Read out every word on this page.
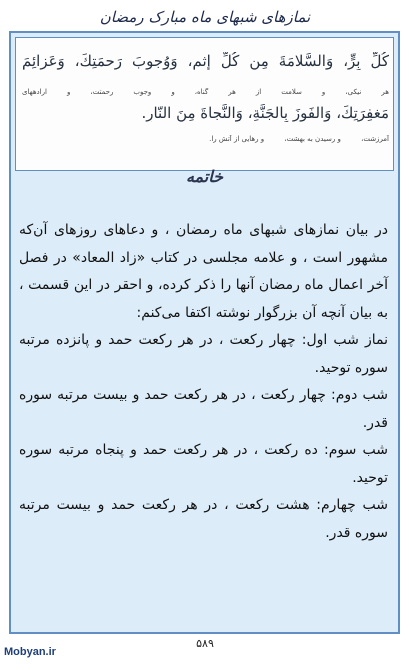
نمازهای شبهای ماه مبارک رمضان
كُلِّ بِرٍّ، وَالسَّلامَةَ مِن كُلِّ إِثمٍ، وَوُجوبَ رَحمَتِكَ، وَعَزائِمَ
هر نیکی، و سلامت از هر گناه، و وجوب رحمتت، و ارادههای
مَغفِرَتِكَ، وَالفَوزَ بِالجَنَّةِ، وَالنَّجاةَ مِنَ النّارِ.
آمرزشت، و رسیدن به بهشت، و رهایی از آتش را.
خاتمه

در بیان نمازهای شبهای ماه رمضان ، و دعاهای روزهای آن‌که مشهور است ، و علامه مجلسی در کتاب «زاد المعاد» در فصل آخر اعمال ماه رمضان آنها را ذکر کرده، و احقر در این قسمت ، به بیان آنچه آن بزرگوار نوشته اکتفا می‌کنم:

نماز شب اول: چهار رکعت ، در هر رکعت حمد و پانزده مرتبه سوره توحید.

شب دوم: چهار رکعت ، در هر رکعت حمد و بیست مرتبه سوره قدر.

شب سوم: ده رکعت ، در هر رکعت حمد و پنجاه مرتبه سوره توحید.

شب چهارم: هشت رکعت ، در هر رکعت حمد و بیست مرتبه سوره قدر.

۵۸۹
Mobyan.ir
